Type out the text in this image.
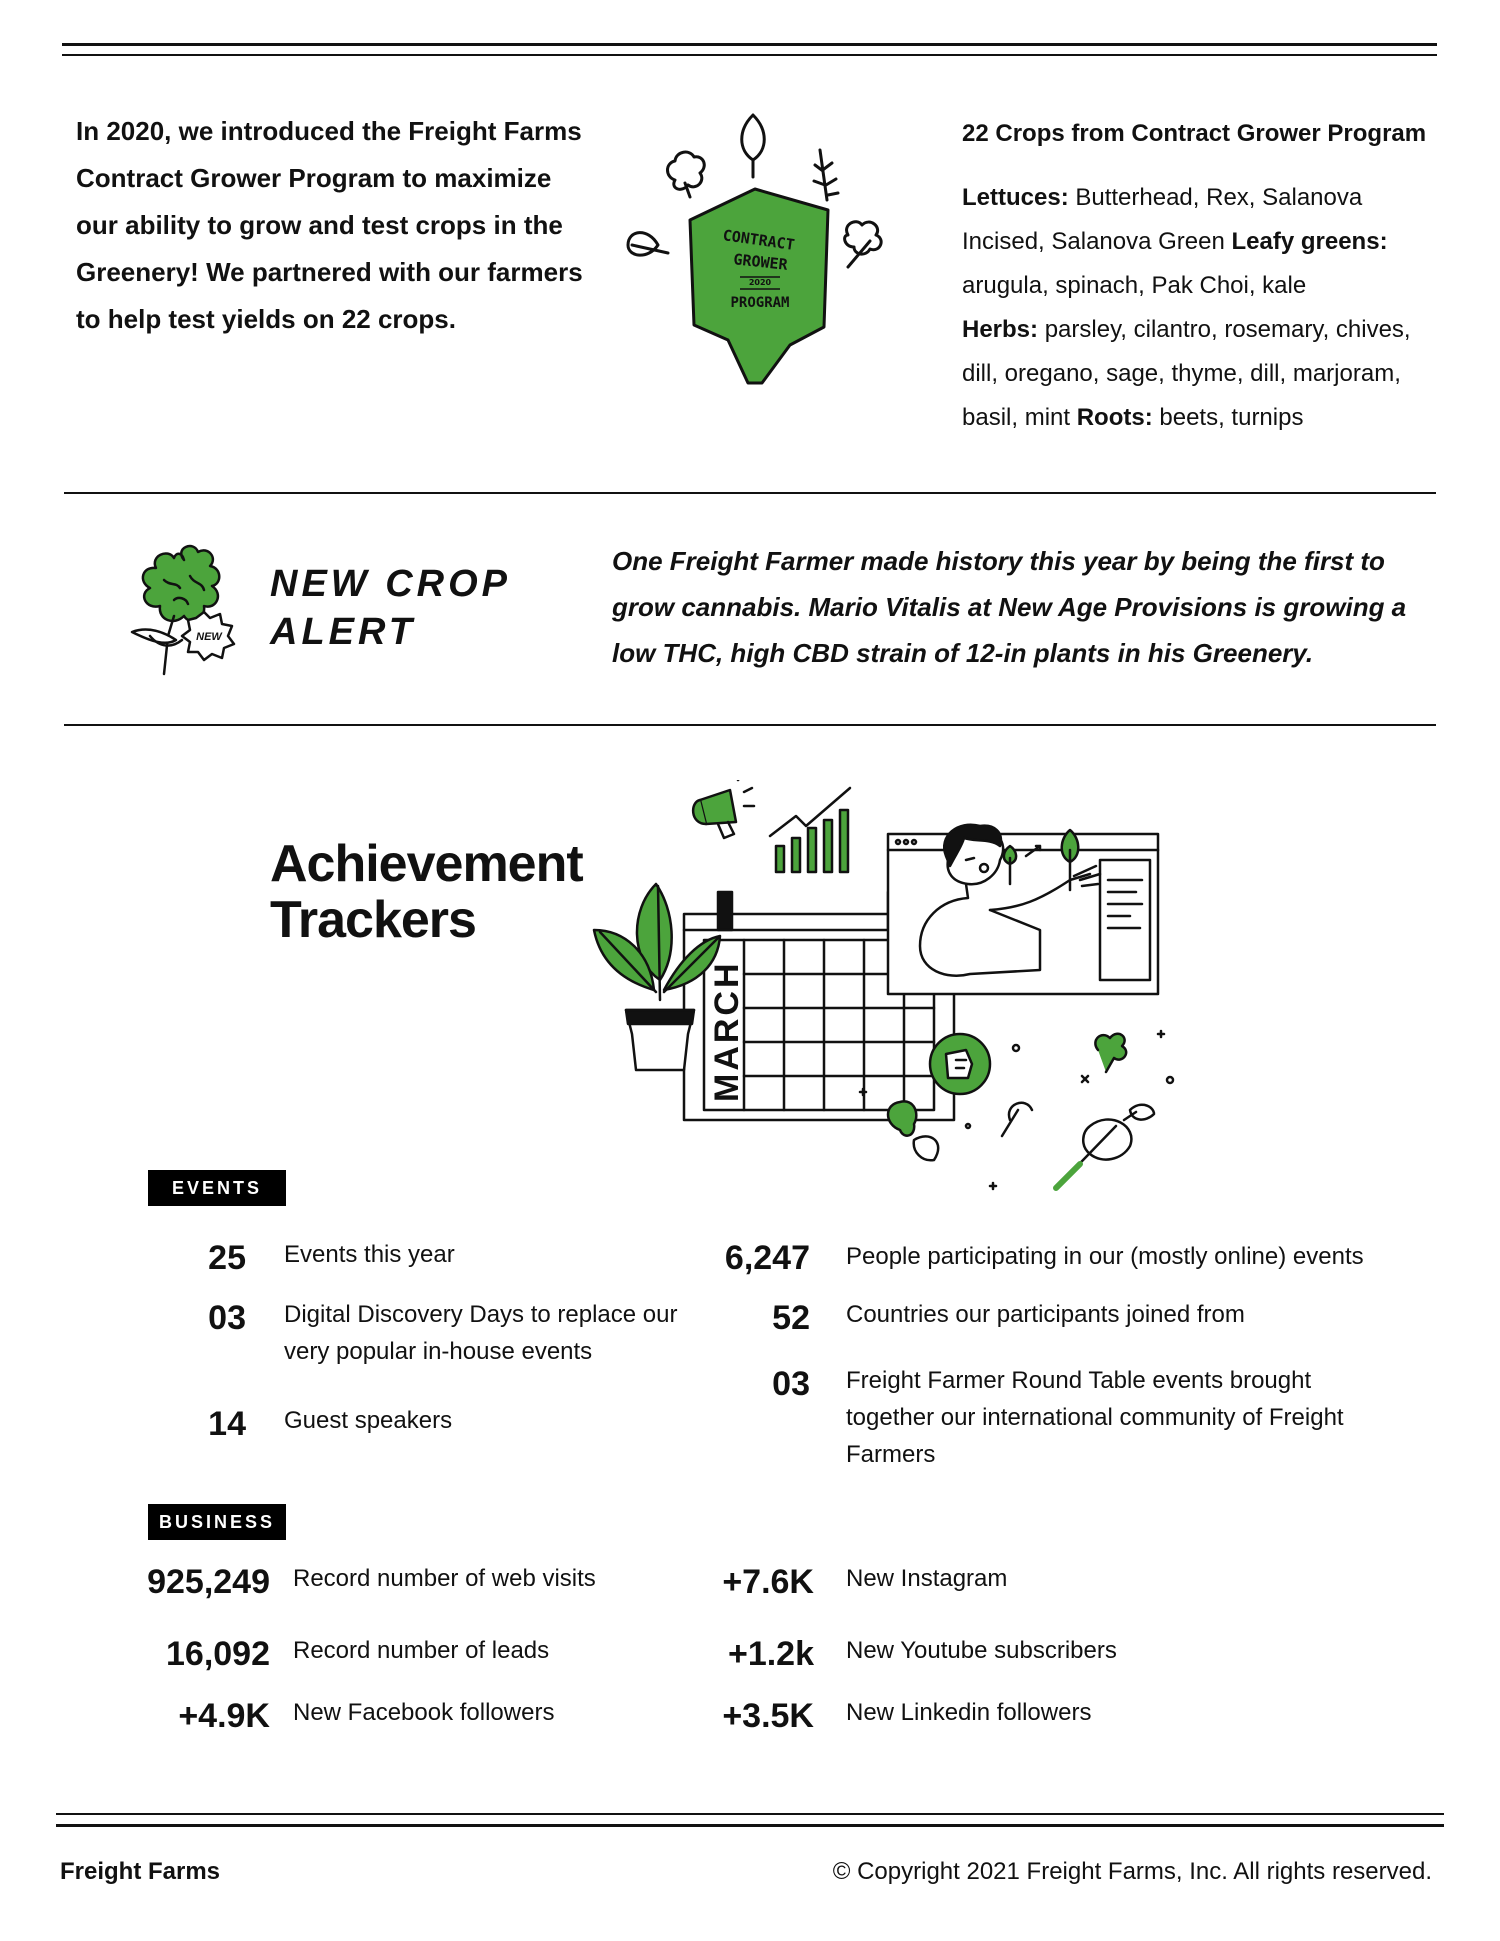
In 2020, we introduced the Freight Farms Contract Grower Program to maximize our ability to grow and test crops in the Greenery! We partnered with our farmers to help test yields on 22 crops.
CONTRACT
GROWER
2020
PROGRAM
22 Crops from Contract Grower Program
Lettuces: Butterhead, Rex, Salanova Incised, Salanova Green Leafy greens: arugula, spinach, Pak Choi, kale
Herbs: parsley, cilantro, rosemary, chives, dill, oregano, sage, thyme, dill, marjoram, basil, mint Roots: beets, turnips
NEW
NEW CROP
ALERT
One Freight Farmer made history this year by being the first to grow cannabis. Mario Vitalis at New Age Provisions is growing a low THC, high CBD strain of 12-in plants in his Greenery.
Achievement
Trackers
MARCH
EVENTS
25 Events this year
03 Digital Discovery Days to replace our very popular in-house events
14 Guest speakers
6,247 People participating in our (mostly online) events
52 Countries our participants joined from
03 Freight Farmer Round Table events brought together our international community of Freight Farmers
BUSINESS
925,249 Record number of web visits
16,092 Record number of leads
+4.9K New Facebook followers
+7.6K New Instagram
+1.2k New Youtube subscribers
+3.5K New Linkedin followers
Freight Farms	© Copyright 2021 Freight Farms, Inc. All rights reserved.
